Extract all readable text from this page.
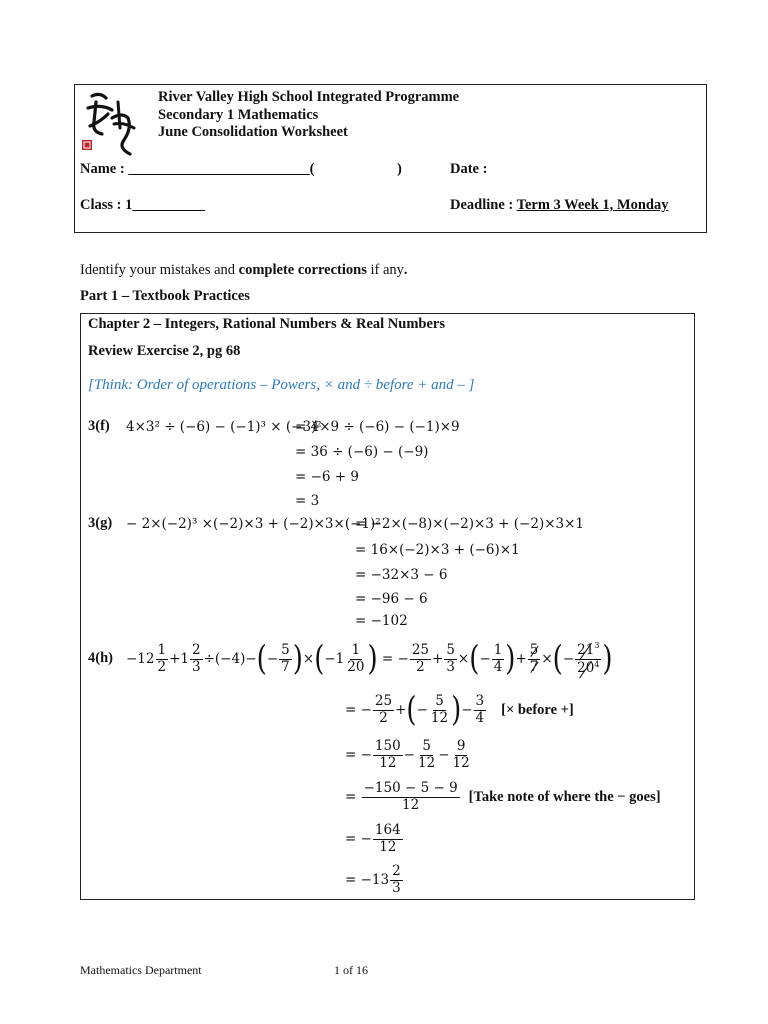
River Valley High School Integrated Programme
Secondary 1 Mathematics
June Consolidation Worksheet
Name : _________________________(	)	Date :
Class : 1__________	Deadline : Term 3 Week 1, Monday
Identify your mistakes and complete corrections if any.
Part 1 – Textbook Practices
Chapter 2 – Integers, Rational Numbers & Real Numbers
Review Exercise 2, pg 68
[Think: Order of operations – Powers, × and ÷ before + and – ]
3(f) 4×3² ÷ (−6) − (−1)³ × (−3)²
= 4×9 ÷ (−6) − (−1)×9
= 36 ÷ (−6) − (−9)
= −6 + 9
= 3
3(g) − 2×(−2)³ ×(−2)×3 + (−2)×3×(−1)²
= −2×(−8)×(−2)×3 + (−2)×3×1
= 16×(−2)×3 + (−6)×1
= −32×3 − 6
= −96 − 6
= −102
$4(h) -12 \frac{1}{2} +1 \frac{2}{3} \div(-4)-$ ( − $\frac{5}{7}$ ) × ( $-1 \frac{1}{20}$ ) = − $\frac{25}{2} + \frac{5}{3}$ × ( − $\frac{1}{4}$ ) + $\frac{5}{7}$ × ( − $\frac{21^3}{20^4}$ )
= − $\frac{25}{2}$ + ( − $\frac{5}{12}$ ) − $\frac{3}{4}$ [× before +]
= − $\frac{150}{12} - \frac{5}{12} - \frac{9}{12}$
= $\frac{-150 - 5 - 9}{12}$ [Take note of where the − goes]
= − $\frac{164}{12}$
= $-13 \frac{2}{3}$
Mathematics Department	1 of 16
